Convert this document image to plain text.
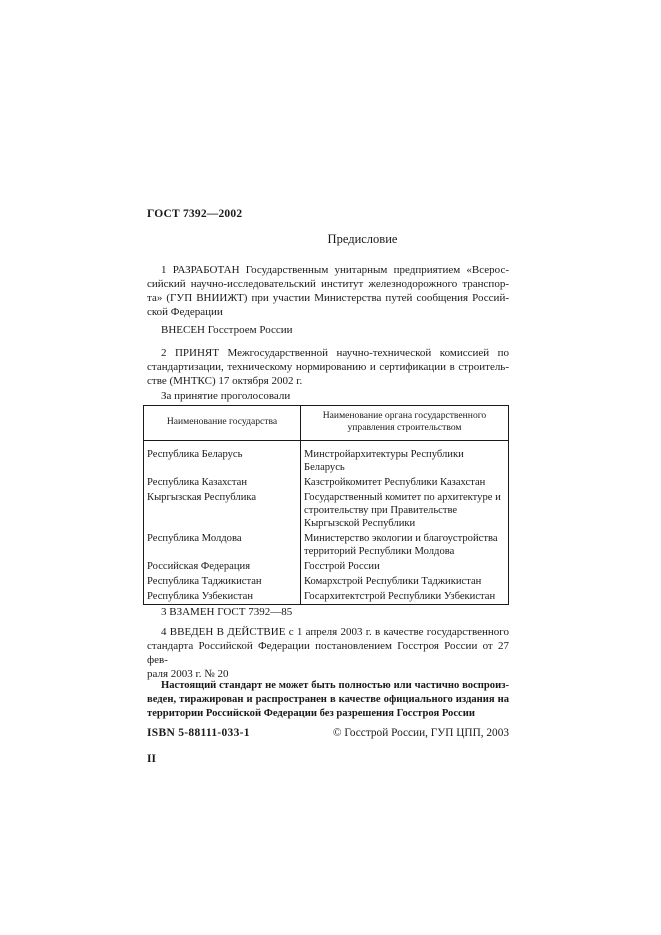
ГОСТ 7392—2002
Предисловие
1 РАЗРАБОТАН Государственным унитарным предприятием «Всерос-
сийский научно-исследовательский институт железнодорожного транспор-
та» (ГУП ВНИИЖТ) при участии Министерства путей сообщения Россий-
ской Федерации
ВНЕСЕН Госстроем России
2 ПРИНЯТ Межгосударственной научно-технической комиссией по
стандартизации, техническому нормированию и сертификации в строитель-
стве (МНТКС) 17 октября 2002 г.
За принятие проголосовали
Наименование государства	Наименование органа государственного управления строительством
Республика Беларусь	Минстройархитектуры Республики Беларусь
Республика Казахстан	Казстройкомитет Республики Казахстан
Кыргызская Республика	Государственный комитет по архитектуре и строительству при Правительстве Кыргызской Республики
Республика Молдова	Министерство экологии и благоустройства территорий Республики Молдова
Российская Федерация	Госстрой России
Республика Таджикистан	Комархстрой Республики Таджикистан
Республика Узбекистан	Госархитектстрой Республики Узбекистан
3 ВЗАМЕН ГОСТ 7392—85
4 ВВЕДЕН В ДЕЙСТВИЕ с 1 апреля 2003 г. в качестве государственного
стандарта Российской Федерации постановлением Госстроя России от 27 фев-
раля 2003 г. № 20
Настоящий стандарт не может быть полностью или частично воспроиз-
веден, тиражирован и распространен в качестве официального издания на
территории Российской Федерации без разрешения Госстроя России
ISBN 5-88111-033-1	© Госстрой России, ГУП ЦПП, 2003
II
